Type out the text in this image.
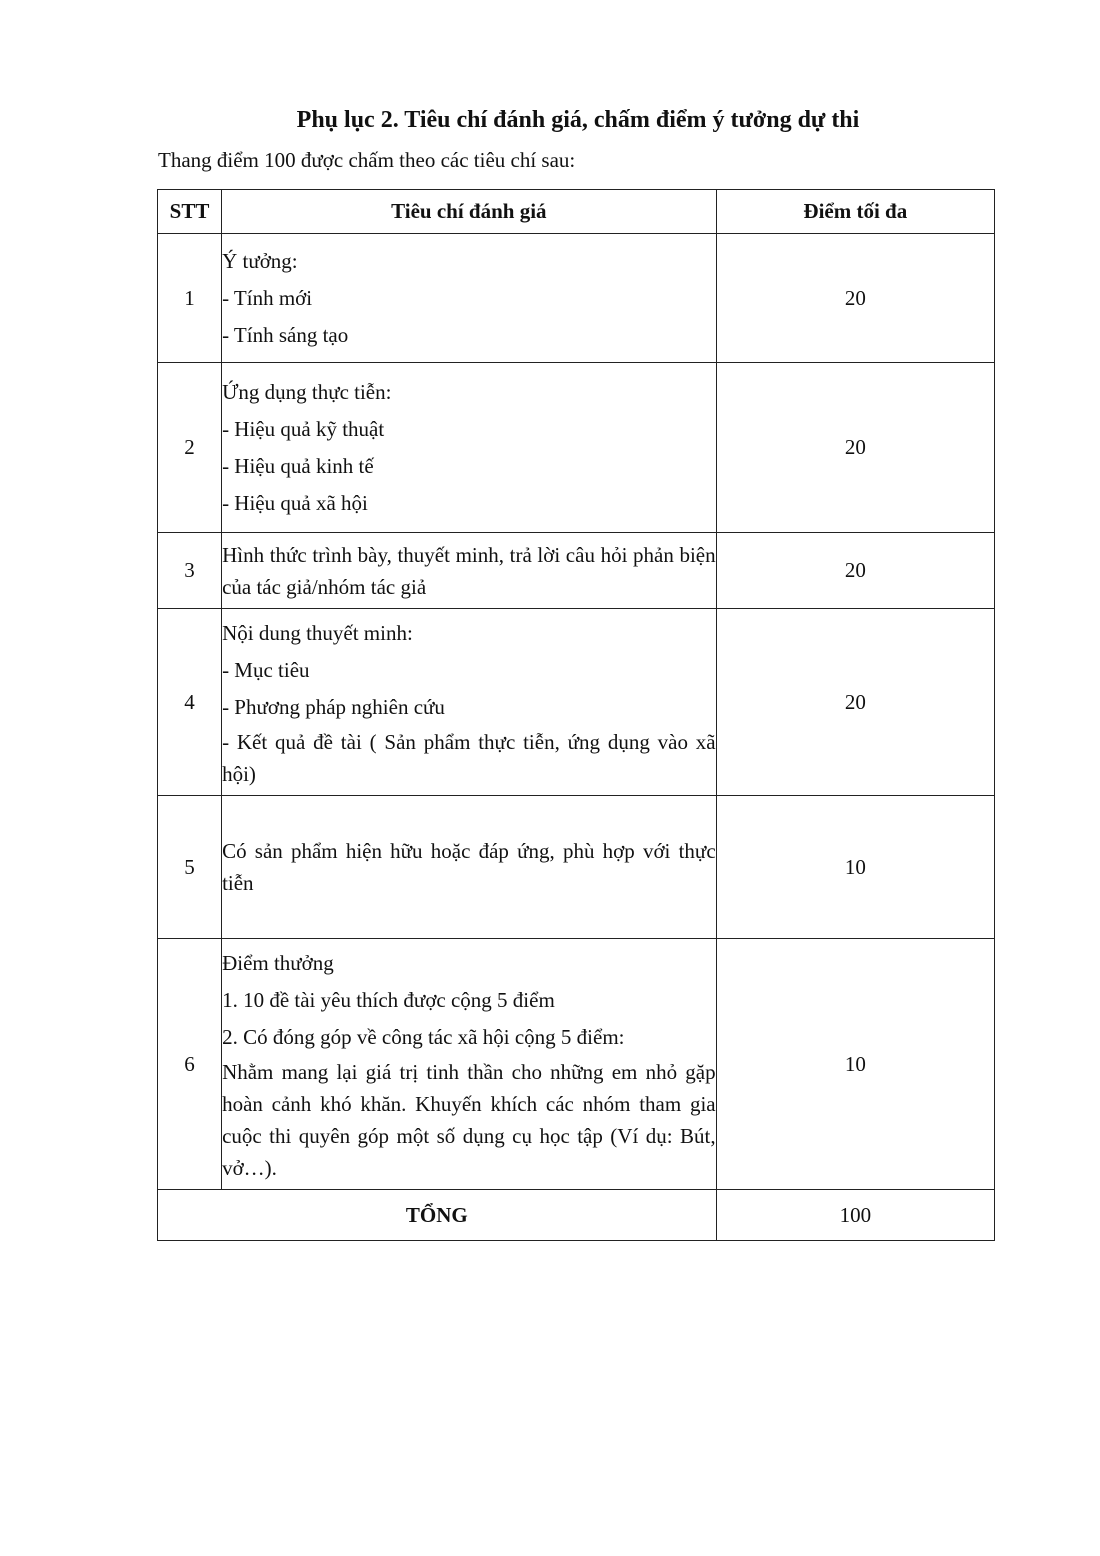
Phụ lục 2. Tiêu chí đánh giá, chấm điểm ý tưởng dự thi

Thang điểm 100 được chấm theo các tiêu chí sau:

STT	Tiêu chí đánh giá	Điểm tối đa
1	Ý tưởng:
- Tính mới
- Tính sáng tạo	20
2	Ứng dụng thực tiễn:
- Hiệu quả kỹ thuật
- Hiệu quả kinh tế
- Hiệu quả xã hội	20
3	Hình thức trình bày, thuyết minh, trả lời câu hỏi phản biện của tác giả/nhóm tác giả	20
4	Nội dung thuyết minh:
- Mục tiêu
- Phương pháp nghiên cứu
- Kết quả đề tài ( Sản phẩm thực tiễn, ứng dụng vào xã hội)	20
5	Có sản phẩm hiện hữu hoặc đáp ứng, phù hợp với thực tiễn	10
6	Điểm thưởng
1. 10 đề tài yêu thích được cộng 5 điểm
2. Có đóng góp về công tác xã hội cộng 5 điểm:
Nhằm mang lại giá trị tinh thần cho những em nhỏ gặp hoàn cảnh khó khăn. Khuyến khích các nhóm tham gia cuộc thi quyên góp một số dụng cụ học tập (Ví dụ: Bút, vở…).	10
TỔNG		100
